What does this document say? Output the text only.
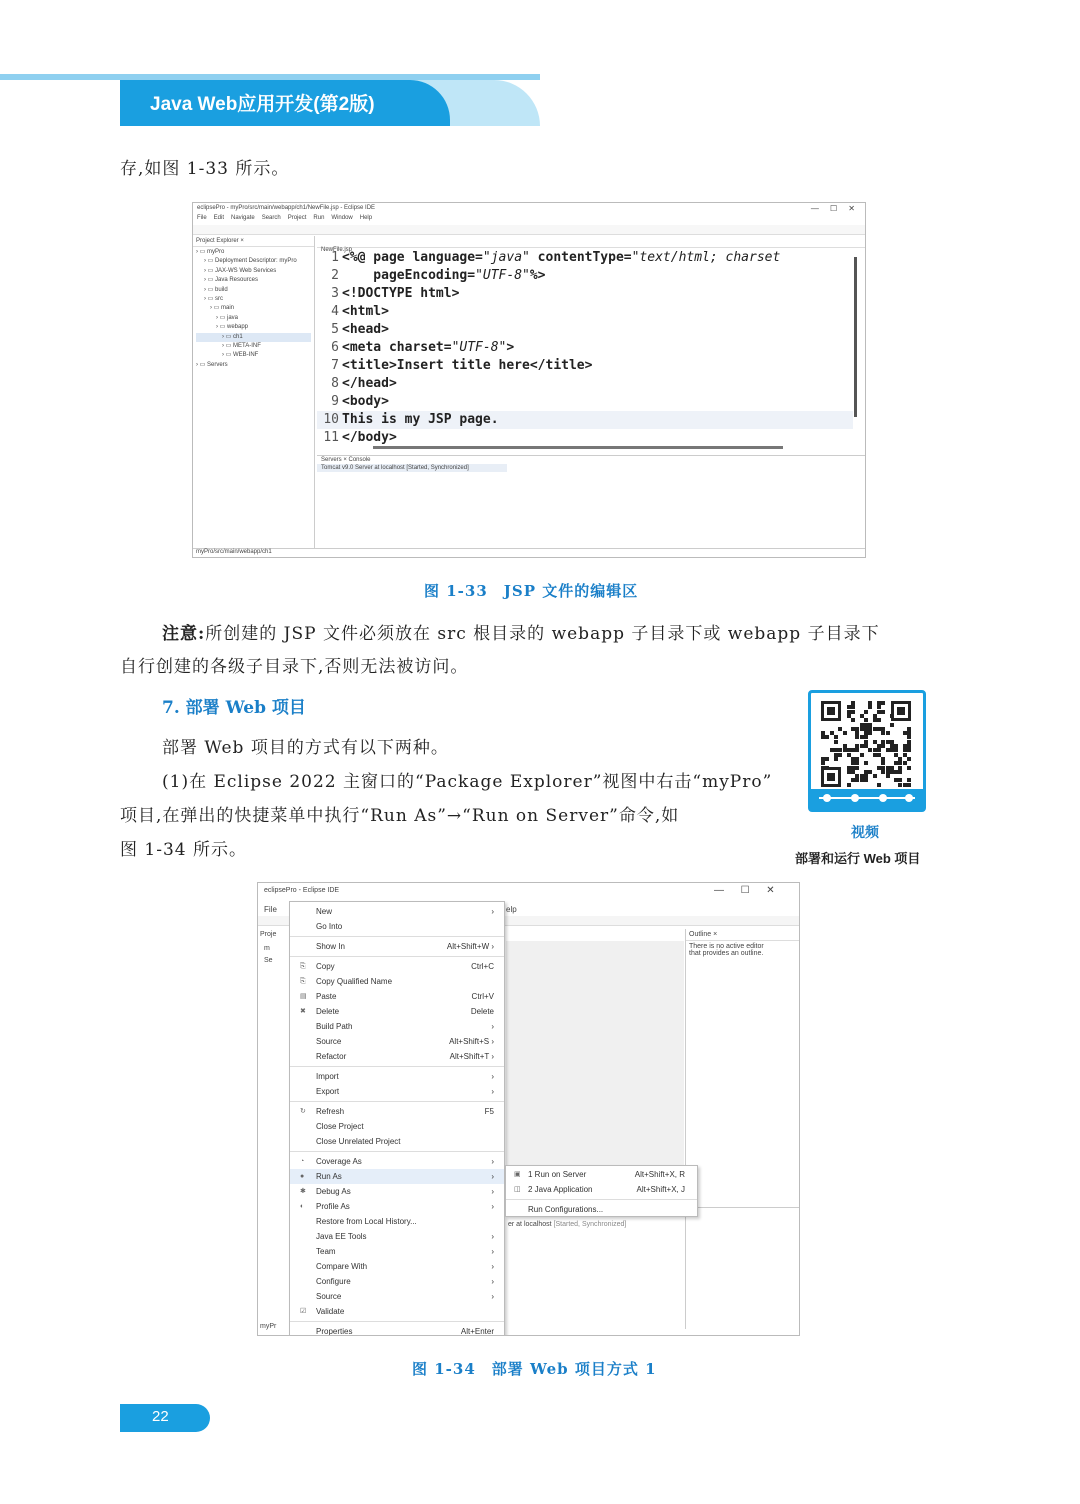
Java Web应用开发(第2版)
存,如图 1-33 所示。
eclipsePro - myPro/src/main/webapp/ch1/NewFile.jsp - Eclipse IDE	—     ☐     ✕
File Edit Navigate Search Project Run Window Help
Project Explorer ×
› ▭ myPro
› ▭ Deployment Descriptor: myPro
› ▭ JAX-WS Web Services
› ▭ Java Resources
› ▭ build
› ▭ src
› ▭ main
› ▭ java
› ▭ webapp
› ▭ ch1
› ▭ META-INF
› ▭ WEB-INF
› ▭ Servers
NewFile.jsp
1 <%@ page language="java" contentType="text/html; charset
2    pageEncoding="UTF-8"%>
3 <!DOCTYPE html>
4 <html>
5 <head>
6 <meta charset="UTF-8">
7 <title>Insert title here</title>
8 </head>
9 <body>
10 This is my JSP page.
11 </body>
Servers × Console
Tomcat v9.0 Server at localhost [Started, Synchronized]
myPro/src/main/webapp/ch1
图 1-33　JSP 文件的编辑区
注意:所创建的 JSP 文件必须放在 src 根目录的 webapp 子目录下或 webapp 子目录下
自行创建的各级子目录下,否则无法被访问。
7. 部署 Web 项目
部署 Web 项目的方式有以下两种。
(1)在 Eclipse 2022 主窗口的“Package Explorer”视图中右击“myPro”
项目,在弹出的快捷菜单中执行“Run As”→“Run on Server”命令,如
图 1-34 所示。
视频
部署和运行 Web 项目
eclipsePro - Eclipse IDE	—      ☐      ✕
File	elp
Proje
m
Se
Outline ×
There is no active editor
that provides an outline.
er at localhost [Started, Synchronized]
myPr
New	›
Go Into
Show In	Alt+Shift+W ›
⎘ Copy	Ctrl+C
⎘ Copy Qualified Name
▤ Paste	Ctrl+V
✖ Delete	Delete
Build Path	›
Source	Alt+Shift+S ›
Refactor	Alt+Shift+T ›
Import	›
Export	›
↻ Refresh	F5
Close Project
Close Unrelated Project
◔ Coverage As	›
● Run As	›
✱ Debug As	›
◐ Profile As	›
Restore from Local History...
Java EE Tools	›
Team	›
Compare With	›
Configure	›
Source	›
☑ Validate
Properties	Alt+Enter
▣ 1 Run on Server	Alt+Shift+X, R
◫ 2 Java Application	Alt+Shift+X, J
Run Configurations...
图 1-34　部署 Web 项目方式 1
22
